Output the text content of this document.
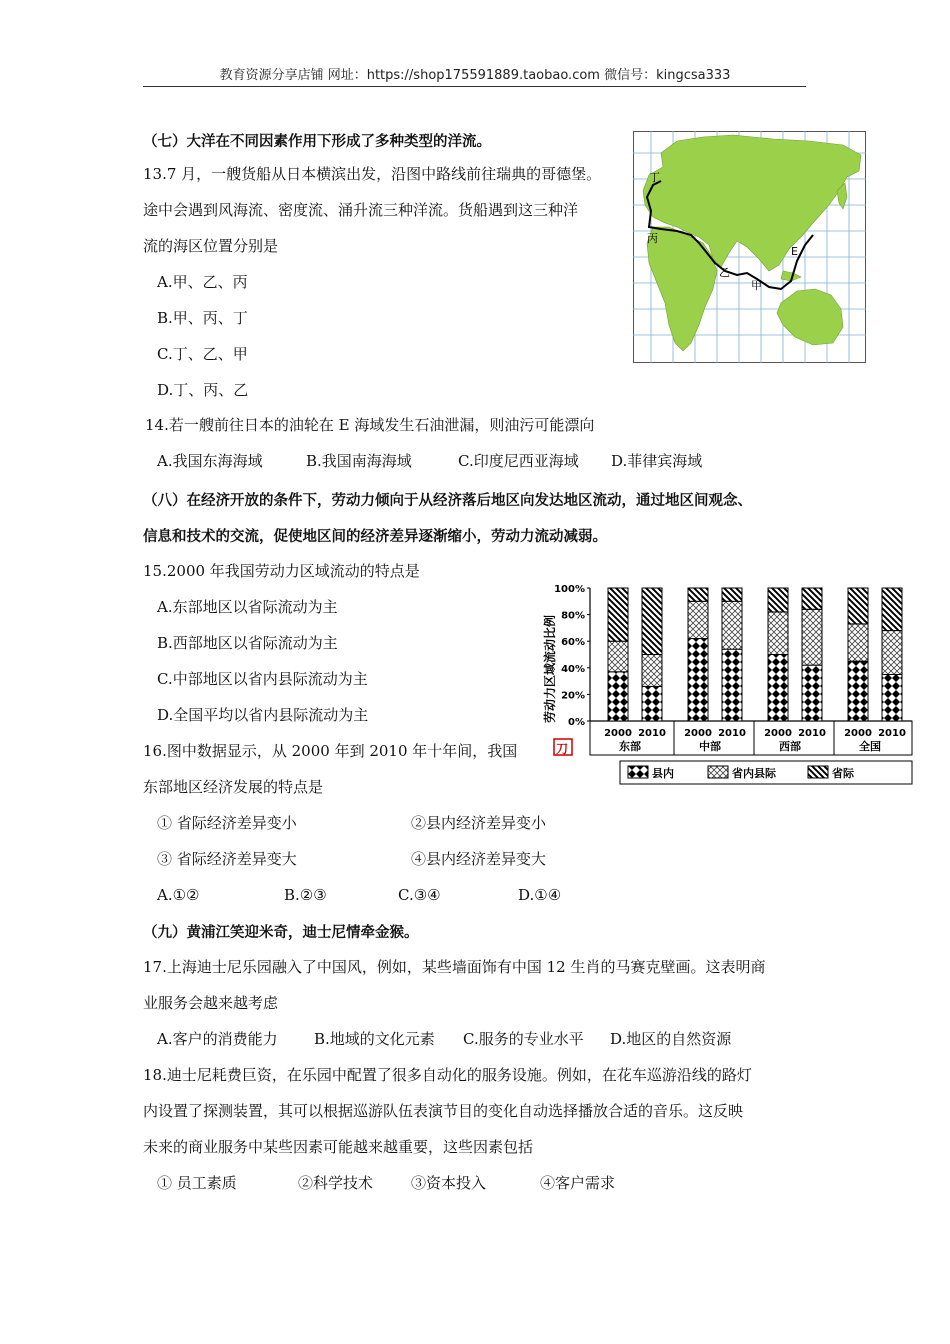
教育资源分享店铺 网址：https://shop175591889.taobao.com 微信号：kingcsa333
（七）大洋在不同因素作用下形成了多种类型的洋流。
13.7 月，一艘货船从日本横滨出发，沿图中路线前往瑞典的哥德堡。
途中会遇到风海流、密度流、涌升流三种洋流。货船遇到这三种洋
流的海区位置分别是
A.甲、乙、丙
B.甲、丙、丁
C.丁、乙、甲
D.丁、丙、乙
丁
丙
乙
甲
E
14.若一艘前往日本的油轮在 E 海域发生石油泄漏，则油污可能漂向
A.我国东海海域	B.我国南海海域	C.印度尼西亚海域 D.菲律宾海域
（八）在经济开放的条件下，劳动力倾向于从经济落后地区向发达地区流动，通过地区间观念、
信息和技术的交流，促使地区间的经济差异逐渐缩小，劳动力流动减弱。
15.2000 年我国劳动力区域流动的特点是
A.东部地区以省际流动为主
B.西部地区以省际流动为主
C.中部地区以省内县际流动为主
D.全国平均以省内县际流动为主
16.图中数据显示，从 2000 年到 2010 年十年间，我国
东部地区经济发展的特点是
① 省际经济差异变小	②县内经济差异变小
③ 省际经济差异变大	④县内经济差异变大
A.①②	B.②③	C.③④	D.①④
0%
20%
40%
60%
80%
100%
2000 2010
东部
2000 2010
中部
2000 2010
西部
2000 2010
全国
劳动力区域流动比例
刀
县内	省内县际	省际
（九）黄浦江笑迎米奇，迪士尼情牵金猴。
17.上海迪士尼乐园融入了中国风，例如，某些墙面饰有中国 12 生肖的马赛克壁画。这表明商
业服务会越来越考虑
A.客户的消费能力 B.地域的文化元素 C.服务的专业水平 D.地区的自然资源
18.迪士尼耗费巨资，在乐园中配置了很多自动化的服务设施。例如，在花车巡游沿线的路灯
内设置了探测装置，其可以根据巡游队伍表演节目的变化自动选择播放合适的音乐。这反映
未来的商业服务中某些因素可能越来越重要，这些因素包括
① 员工素质	②科学技术	③资本投入	④客户需求
